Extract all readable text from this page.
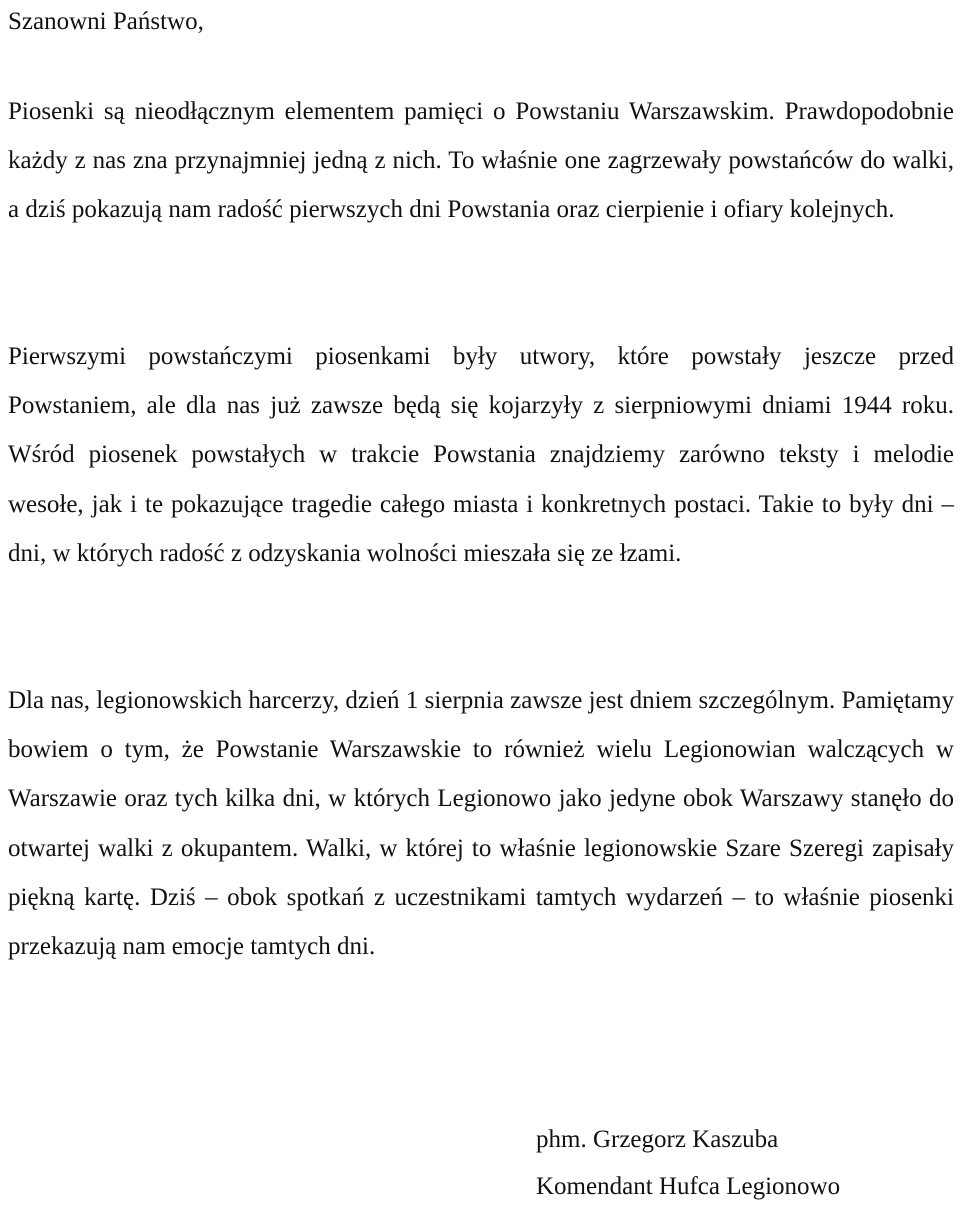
Szanowni Państwo,

Piosenki są nieodłącznym elementem pamięci o Powstaniu Warszawskim. Prawdopodobnie każdy z nas zna przynajmniej jedną z nich. To właśnie one zagrzewały powstańców do walki, a dziś pokazują nam radość pierwszych dni Powstania oraz cierpienie i ofiary kolejnych.

Pierwszymi powstańczymi piosenkami były utwory, które powstały jeszcze przed Powstaniem, ale dla nas już zawsze będą się kojarzyły z sierpniowymi dniami 1944 roku. Wśród piosenek powstałych w trakcie Powstania znajdziemy zarówno teksty i melodie wesołe, jak i te pokazujące tragedie całego miasta i konkretnych postaci. Takie to były dni – dni, w których radość z odzyskania wolności mieszała się ze łzami.

Dla nas, legionowskich harcerzy, dzień 1 sierpnia zawsze jest dniem szczególnym. Pamiętamy bowiem o tym, że Powstanie Warszawskie to również wielu Legionowian walczących w Warszawie oraz tych kilka dni, w których Legionowo jako jedyne obok Warszawy stanęło do otwartej walki z okupantem. Walki, w której to właśnie legionowskie Szare Szeregi zapisały piękną kartę. Dziś – obok spotkań z uczestnikami tamtych wydarzeń – to właśnie piosenki przekazują nam emocje tamtych dni.

phm. Grzegorz Kaszuba
Komendant Hufca Legionowo
